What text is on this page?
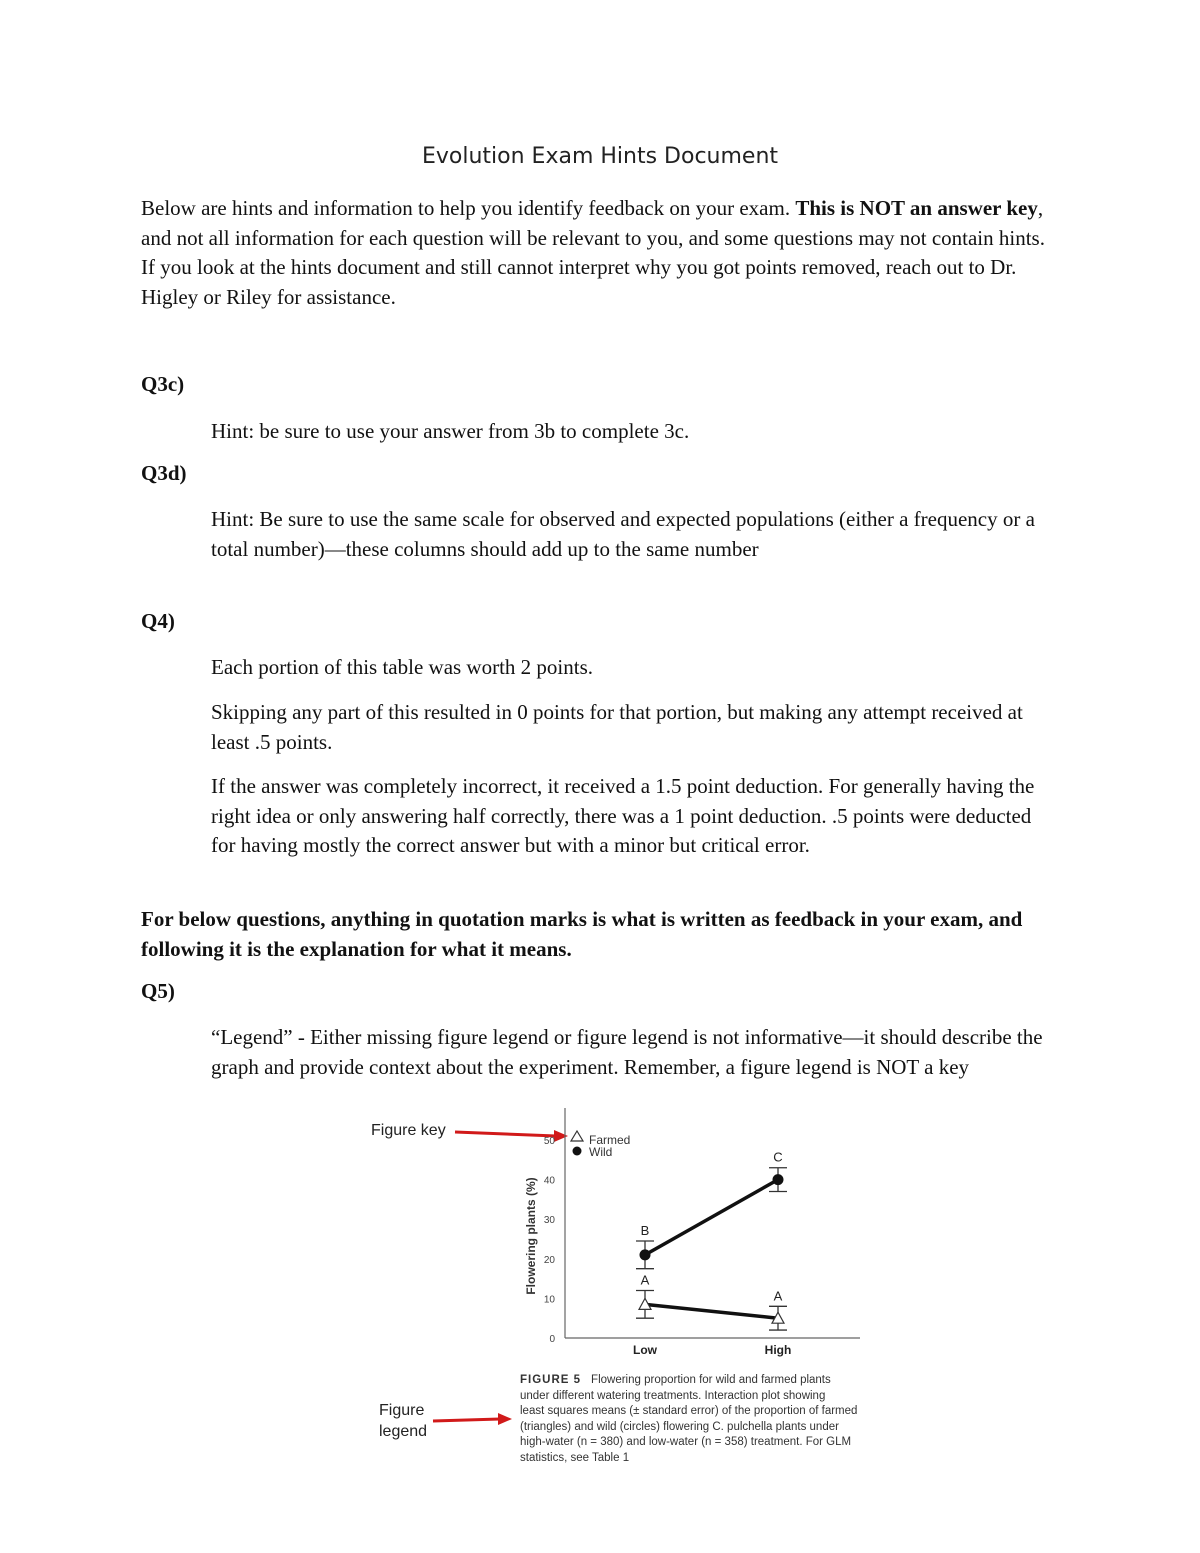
Evolution Exam Hints Document
Below are hints and information to help you identify feedback on your exam. This is NOT an answer key, and not all information for each question will be relevant to you, and some questions may not contain hints. If you look at the hints document and still cannot interpret why you got points removed, reach out to Dr. Higley or Riley for assistance.
Q3c)
Hint: be sure to use your answer from 3b to complete 3c.
Q3d)
Hint: Be sure to use the same scale for observed and expected populations (either a frequency or a total number)—these columns should add up to the same number
Q4)
Each portion of this table was worth 2 points.
Skipping any part of this resulted in 0 points for that portion, but making any attempt received at least .5 points.
If the answer was completely incorrect, it received a 1.5 point deduction. For generally having the right idea or only answering half correctly, there was a 1 point deduction. .5 points were deducted for having mostly the correct answer but with a minor but critical error.
For below questions, anything in quotation marks is what is written as feedback in your exam, and following it is the explanation for what it means.
Q5)
“Legend” - Either missing figure legend or figure legend is not informative—it should describe the graph and provide context about the experiment. Remember, a figure legend is NOT a key
Figure key
Figure
legend
Flowering plants (%)
0
10
20
30
40
50
Low	High
Farmed
Wild
B
C
A
A
FIGURE 5 Flowering proportion for wild and farmed plants
under different watering treatments. Interaction plot showing
least squares means (± standard error) of the proportion of farmed
(triangles) and wild (circles) flowering C. pulchella plants under
high-water (n = 380) and low-water (n = 358) treatment. For GLM
statistics, see Table 1
